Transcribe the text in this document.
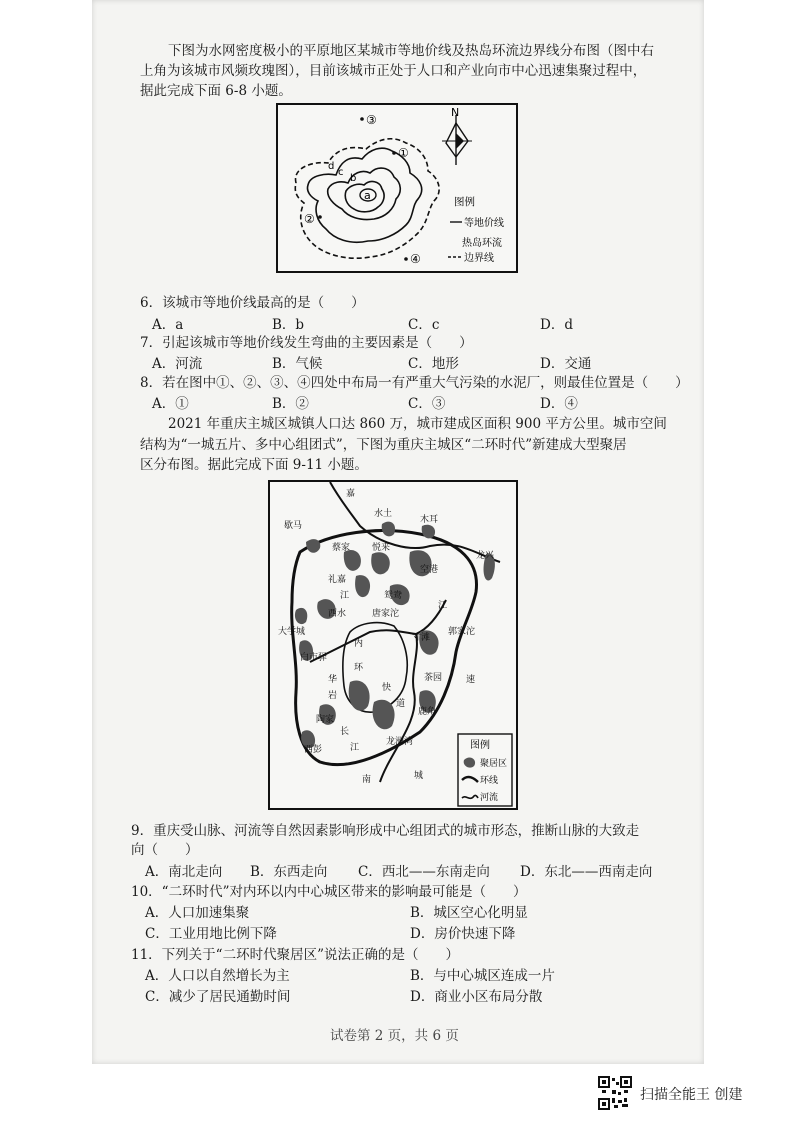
下图为水网密度极小的平原地区某城市等地价线及热岛环流边界线分布图（图中右
上角为该城市风频玫瑰图），目前该城市正处于人口和产业向市中心迅速集聚过程中，
据此完成下面 6-8 小题。
a
b
c
d
③
①
②
④
N
图例
等地价线
热岛环流
边界线
6．该城市等地价线最高的是（　　）
A．a	B．b	C．c	D．d
7．引起该城市等地价线发生弯曲的主要因素是（　　）
A．河流	B．气候	C．地形	D．交通
8．若在图中①、②、③、④四处中布局一有严重大气污染的水泥厂，则最佳位置是（　　）
A．①	B．②	C．③	D．④
2021 年重庆主城区城镇人口达 860 万，城市建成区面积 900 平方公里。城市空间
结构为“一城五片、多中心组团式”，下图为重庆主城区“二环时代”新建成大型聚居
区分布图。据此完成下面 9-11 小题。
嘉
水土
木耳
歇马
蔡家 悦来
空港
龙兴
礼嘉
江	鸳鸯
江
西水	唐家沱
大学城
内
寸滩
郭家沱
白市驿
环
茶园
华
快
速
岩
道
鹿角
西彭
长
龙洲湾
城
江
南
陶家
图例
聚居区
环线
河流
9．重庆受山脉、河流等自然因素影响形成中心组团式的城市形态，推断山脉的大致走
向（　　）
A．南北走向 B．东西走向 C．西北——东南走向 D．东北——西南走向
10．“二环时代”对内环以内中心城区带来的影响最可能是（　　）
A．人口加速集聚	B．城区空心化明显
C．工业用地比例下降	D．房价快速下降
11．下列关于“二环时代聚居区”说法正确的是（　　）
A．人口以自然增长为主	B．与中心城区连成一片
C．减少了居民通勤时间	D．商业小区布局分散
试卷第 2 页，共 6 页
扫描全能王 创建
